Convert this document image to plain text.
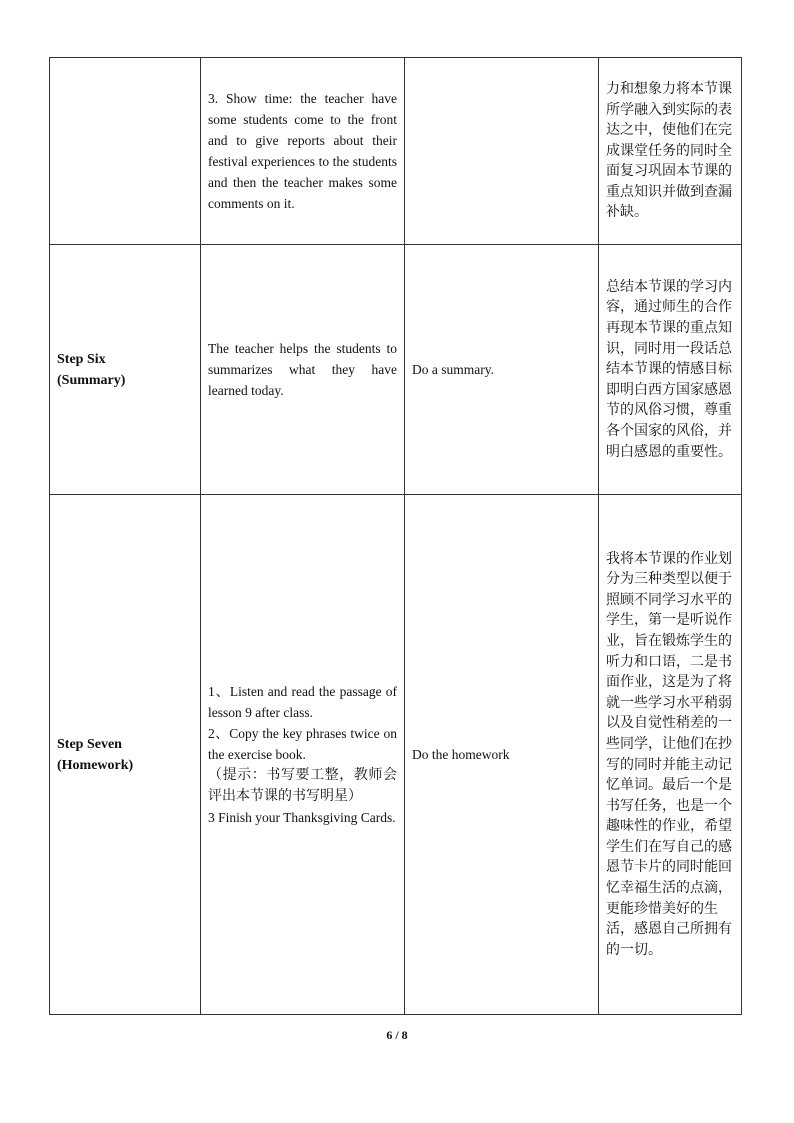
	3. Show time: the teacher have some students come to the front and to give reports about their festival experiences to the students and then the teacher makes some comments on it.		力和想象力将本节课所学融入到实际的表达之中，使他们在完成课堂任务的同时全面复习巩固本节课的重点知识并做到查漏补缺。

Step Six
(Summary)	The teacher helps the students to summarizes what they have learned today.	Do a summary.	总结本节课的学习内容，通过师生的合作再现本节课的重点知识，同时用一段话总结本节课的情感目标即明白西方国家感恩节的风俗习惯，尊重各个国家的风俗，并明白感恩的重要性。

Step Seven
(Homework)	1、Listen and read the passage of lesson 9 after class.
2、Copy the key phrases twice on the exercise book.
（提示：书写要工整，教师会评出本节课的书写明星）
3 Finish your Thanksgiving Cards.	Do the homework	我将本节课的作业划分为三种类型以便于照顾不同学习水平的学生，第一是听说作业，旨在锻炼学生的听力和口语，二是书面作业，这是为了将就一些学习水平稍弱以及自觉性稍差的一些同学，让他们在抄写的同时并能主动记忆单词。最后一个是书写任务，也是一个趣味性的作业，希望学生们在写自己的感恩节卡片的同时能回忆幸福生活的点滴，更能珍惜美好的生活，感恩自己所拥有的一切。
6 / 8
